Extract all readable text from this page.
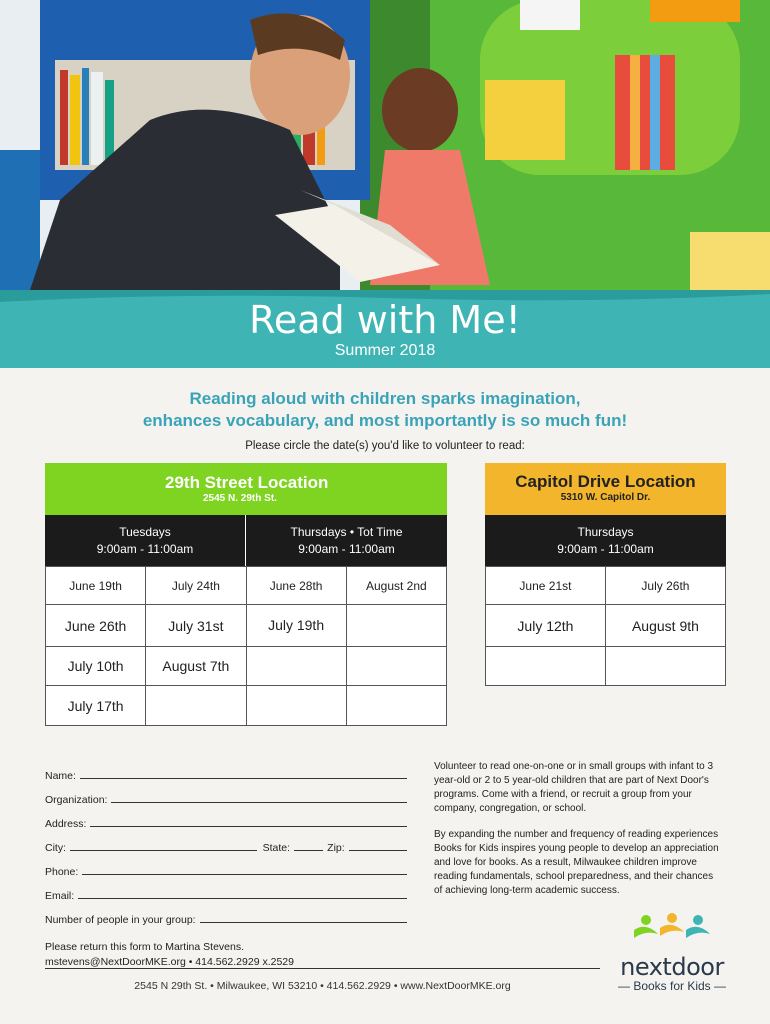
Read with Me!
Summer 2018
Reading aloud with children sparks imagination,
enhances vocabulary, and most importantly is so much fun!
Please circle the date(s) you'd like to volunteer to read:
29th Street Location
2545 N. 29th St.
Capitol Drive Location
5310 W. Capitol Dr.
Tuesdays
9:00am - 11:00am
Thursdays • Tot Time
9:00am - 11:00am
Thursdays
9:00am - 11:00am
June 19th	July 24th	June 28th	August 2nd
June 26th	July 31st	July 19th	
July 10th	August 7th		
July 17th			
June 21st	July 26th
July 12th	August 9th

Name:
Organization:
Address:
City:	State:	Zip:
Phone:
Email:
Number of people in your group:
Please return this form to Martina Stevens.
mstevens@NextDoorMKE.org • 414.562.2929 x.2529
Volunteer to read one-on-one or in small groups with infant to 3 year-old or 2 to 5 year-old children that are part of Next Door's programs. Come with a friend, or recruit a group from your company, congregation, or school.
By expanding the number and frequency of reading experiences Books for Kids inspires young people to develop an appreciation and love for books. As a result, Milwaukee children improve reading fundamentals, school preparedness, and their chances of achieving long-term academic success.
2545 N 29th St. • Milwaukee, WI 53210 • 414.562.2929 • www.NextDoorMKE.org
nextdoor
— Books for Kids —
